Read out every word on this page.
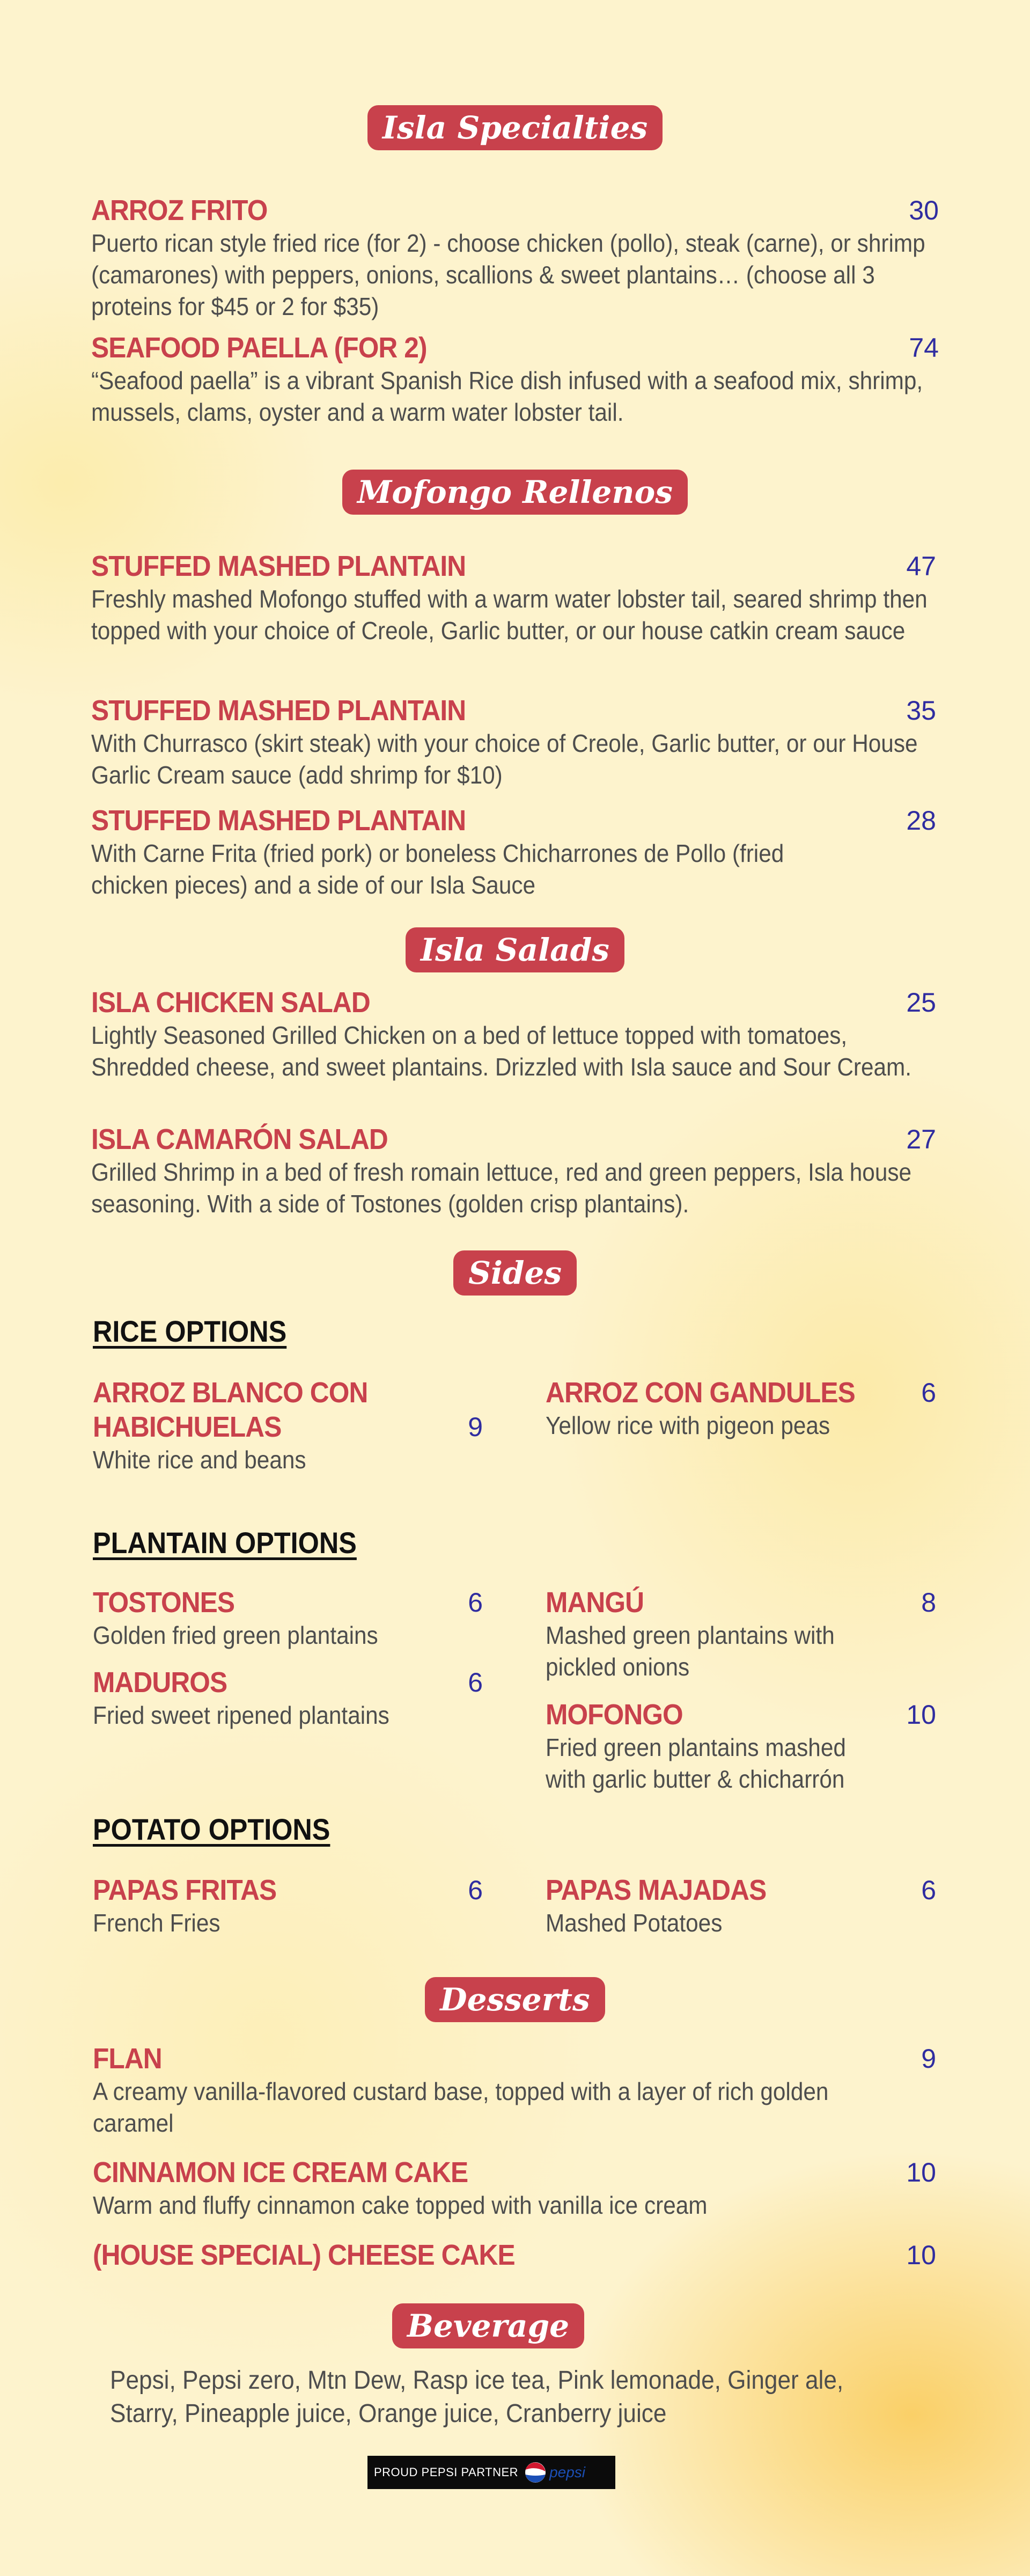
Isla Specialties
ARROZ FRITO	30
Puerto rican style fried rice (for 2) - choose chicken (pollo), steak (carne), or shrimp (camarones) with peppers, onions, scallions & sweet plantains… (choose all 3 proteins for $45 or 2 for $35)
SEAFOOD PAELLA (FOR 2)	74
“Seafood paella” is a vibrant Spanish Rice dish infused with a seafood mix, shrimp, mussels, clams, oyster and a warm water lobster tail.
Mofongo Rellenos
STUFFED MASHED PLANTAIN	47
Freshly mashed Mofongo stuffed with a warm water lobster tail, seared shrimp then topped with your choice of Creole, Garlic butter, or our house catkin cream sauce
STUFFED MASHED PLANTAIN	35
With Churrasco (skirt steak) with your choice of Creole, Garlic butter, or our House Garlic Cream sauce (add shrimp for $10)
STUFFED MASHED PLANTAIN	28
With Carne Frita (fried pork) or boneless Chicharrones de Pollo (fried chicken pieces) and a side of our Isla Sauce
Isla Salads
ISLA CHICKEN SALAD	25
Lightly Seasoned Grilled Chicken on a bed of lettuce topped with tomatoes, Shredded cheese, and sweet plantains. Drizzled with Isla sauce and Sour Cream.
ISLA CAMARÓN SALAD	27
Grilled Shrimp in a bed of fresh romain lettuce, red and green peppers, Isla house seasoning. With a side of Tostones (golden crisp plantains).
Sides
RICE OPTIONS
ARROZ BLANCO CON HABICHUELAS	9
White rice and beans
ARROZ CON GANDULES	6
Yellow rice with pigeon peas
PLANTAIN OPTIONS
TOSTONES	6
Golden fried green plantains
MADUROS	6
Fried sweet ripened plantains
MANGÚ	8
Mashed green plantains with pickled onions
MOFONGO	10
Fried green plantains mashed with garlic butter & chicharrón
POTATO OPTIONS
PAPAS FRITAS	6
French Fries
PAPAS MAJADAS	6
Mashed Potatoes
Desserts
FLAN	9
A creamy vanilla-flavored custard base, topped with a layer of rich golden caramel
CINNAMON ICE CREAM CAKE	10
Warm and fluffy cinnamon cake topped with vanilla ice cream
(HOUSE SPECIAL) CHEESE CAKE	10
Beverage
Pepsi, Pepsi zero, Mtn Dew, Rasp ice tea, Pink lemonade, Ginger ale, Starry, Pineapple juice, Orange juice, Cranberry juice
PROUD PEPSI PARTNER pepsi
